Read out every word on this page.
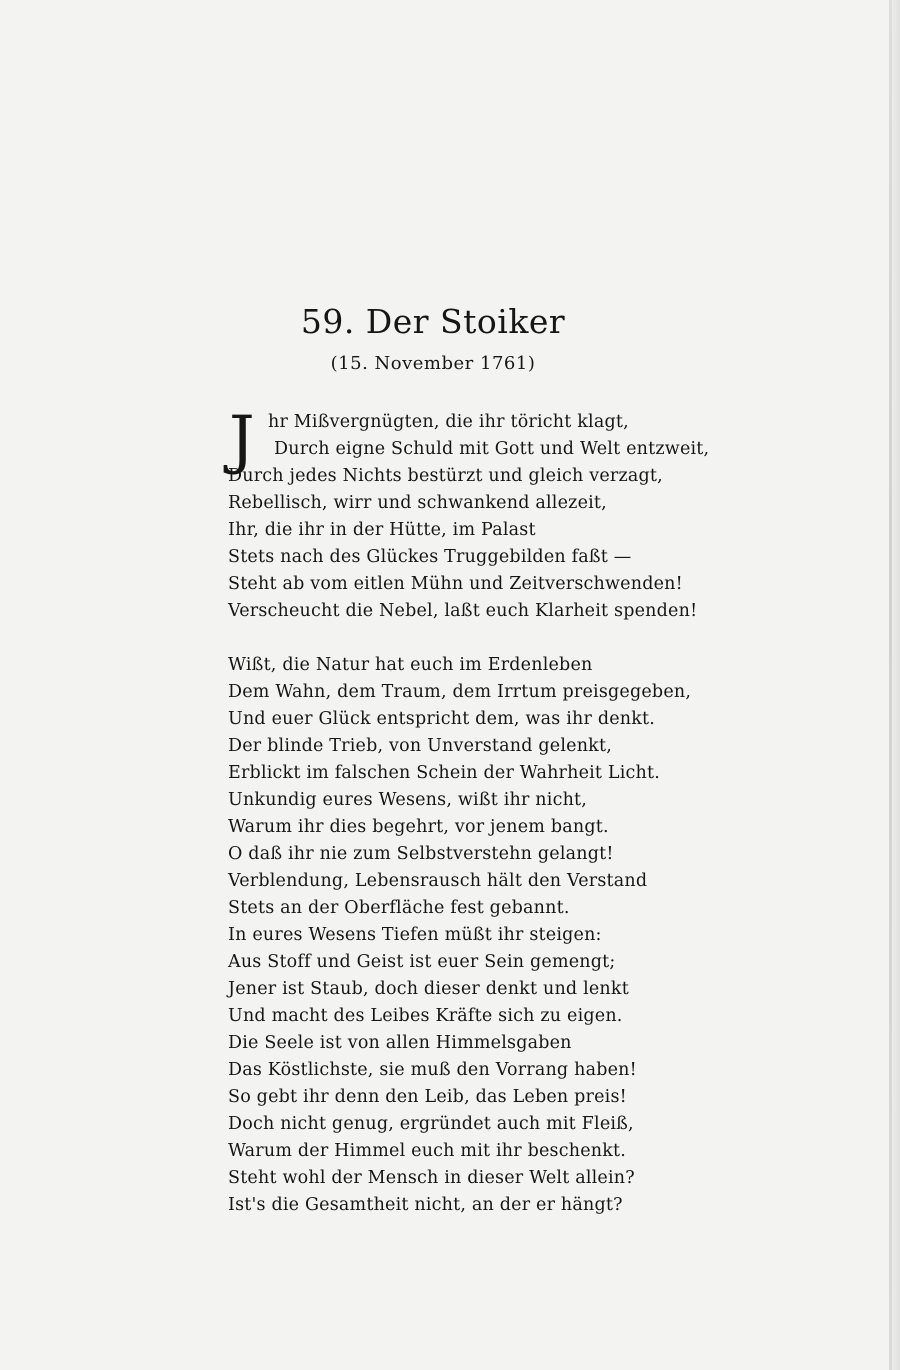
59. Der Stoiker
(15. November 1761)
J hr Mißvergnügten, die ihr töricht klagt,
Durch eigne Schuld mit Gott und Welt entzweit,
Durch jedes Nichts bestürzt und gleich verzagt,
Rebellisch, wirr und schwankend allezeit,
Ihr, die ihr in der Hütte, im Palast
Stets nach des Glückes Truggebilden faßt —
Steht ab vom eitlen Mühn und Zeitverschwenden!
Verscheucht die Nebel, laßt euch Klarheit spenden!
Wißt, die Natur hat euch im Erdenleben
Dem Wahn, dem Traum, dem Irrtum preisgegeben,
Und euer Glück entspricht dem, was ihr denkt.
Der blinde Trieb, von Unverstand gelenkt,
Erblickt im falschen Schein der Wahrheit Licht.
Unkundig eures Wesens, wißt ihr nicht,
Warum ihr dies begehrt, vor jenem bangt.
O daß ihr nie zum Selbstverstehn gelangt!
Verblendung, Lebensrausch hält den Verstand
Stets an der Oberfläche fest gebannt.
In eures Wesens Tiefen müßt ihr steigen:
Aus Stoff und Geist ist euer Sein gemengt;
Jener ist Staub, doch dieser denkt und lenkt
Und macht des Leibes Kräfte sich zu eigen.
Die Seele ist von allen Himmelsgaben
Das Köstlichste, sie muß den Vorrang haben!
So gebt ihr denn den Leib, das Leben preis!
Doch nicht genug, ergründet auch mit Fleiß,
Warum der Himmel euch mit ihr beschenkt.
Steht wohl der Mensch in dieser Welt allein?
Ist's die Gesamtheit nicht, an der er hängt?
